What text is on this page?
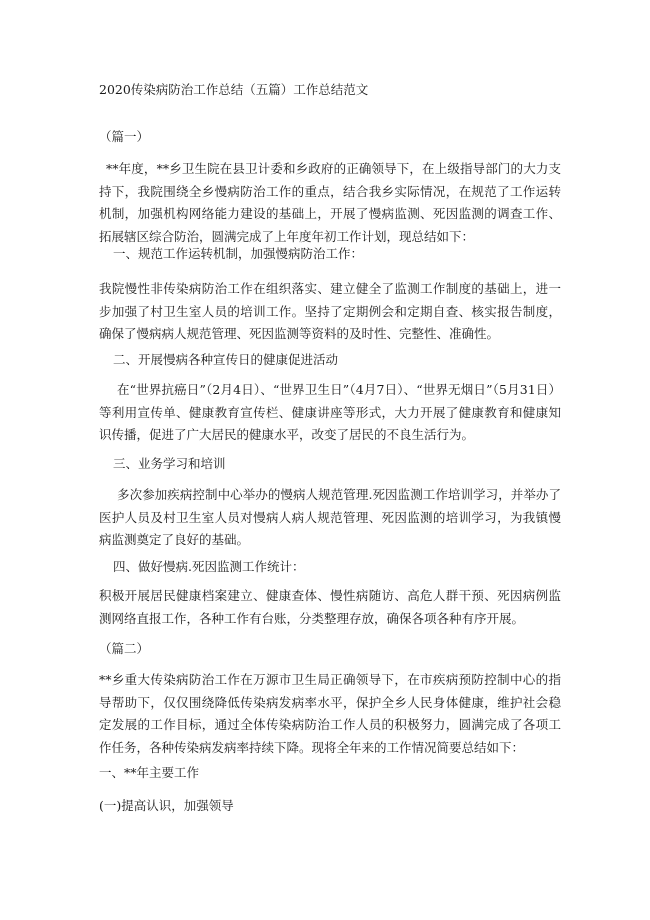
2020传染病防治工作总结（五篇）工作总结范文
（篇一）
**年度，**乡卫生院在县卫计委和乡政府的正确领导下，在上级指导部门的大力支持下，我院围绕全乡慢病防治工作的重点，结合我乡实际情况，在规范了工作运转机制，加强机构网络能力建设的基础上，开展了慢病监测、死因监测的调查工作、拓展辖区综合防治，圆满完成了上年度年初工作计划，现总结如下：
一、规范工作运转机制，加强慢病防治工作：
我院慢性非传染病防治工作在组织落实、建立健全了监测工作制度的基础上，进一步加强了村卫生室人员的培训工作。坚持了定期例会和定期自查、核实报告制度，确保了慢病病人规范管理、死因监测等资料的及时性、完整性、准确性。
二、开展慢病各种宣传日的健康促进活动
在“世界抗癌日”（2月4日）、“世界卫生日”（4月7日）、“世界无烟日”（5月31日）等利用宣传单、健康教育宣传栏、健康讲座等形式，大力开展了健康教育和健康知识传播，促进了广大居民的健康水平，改变了居民的不良生活行为。
三、业务学习和培训
多次参加疾病控制中心举办的慢病人规范管理.死因监测工作培训学习，并举办了医护人员及村卫生室人员对慢病人病人规范管理、死因监测的培训学习，为我镇慢病监测奠定了良好的基础。
四、做好慢病.死因监测工作统计：
积极开展居民健康档案建立、健康查体、慢性病随访、高危人群干预、死因病例监测网络直报工作，各种工作有台账，分类整理存放，确保各项各种有序开展。
（篇二）
**乡重大传染病防治工作在万源市卫生局正确领导下，在市疾病预防控制中心的指导帮助下，仅仅围绕降低传染病发病率水平，保护全乡人民身体健康，维护社会稳定发展的工作目标，通过全体传染病防治工作人员的积极努力，圆满完成了各项工作任务，各种传染病发病率持续下降。现将全年来的工作情况简要总结如下：
一、**年主要工作
(一)提高认识，加强领导
